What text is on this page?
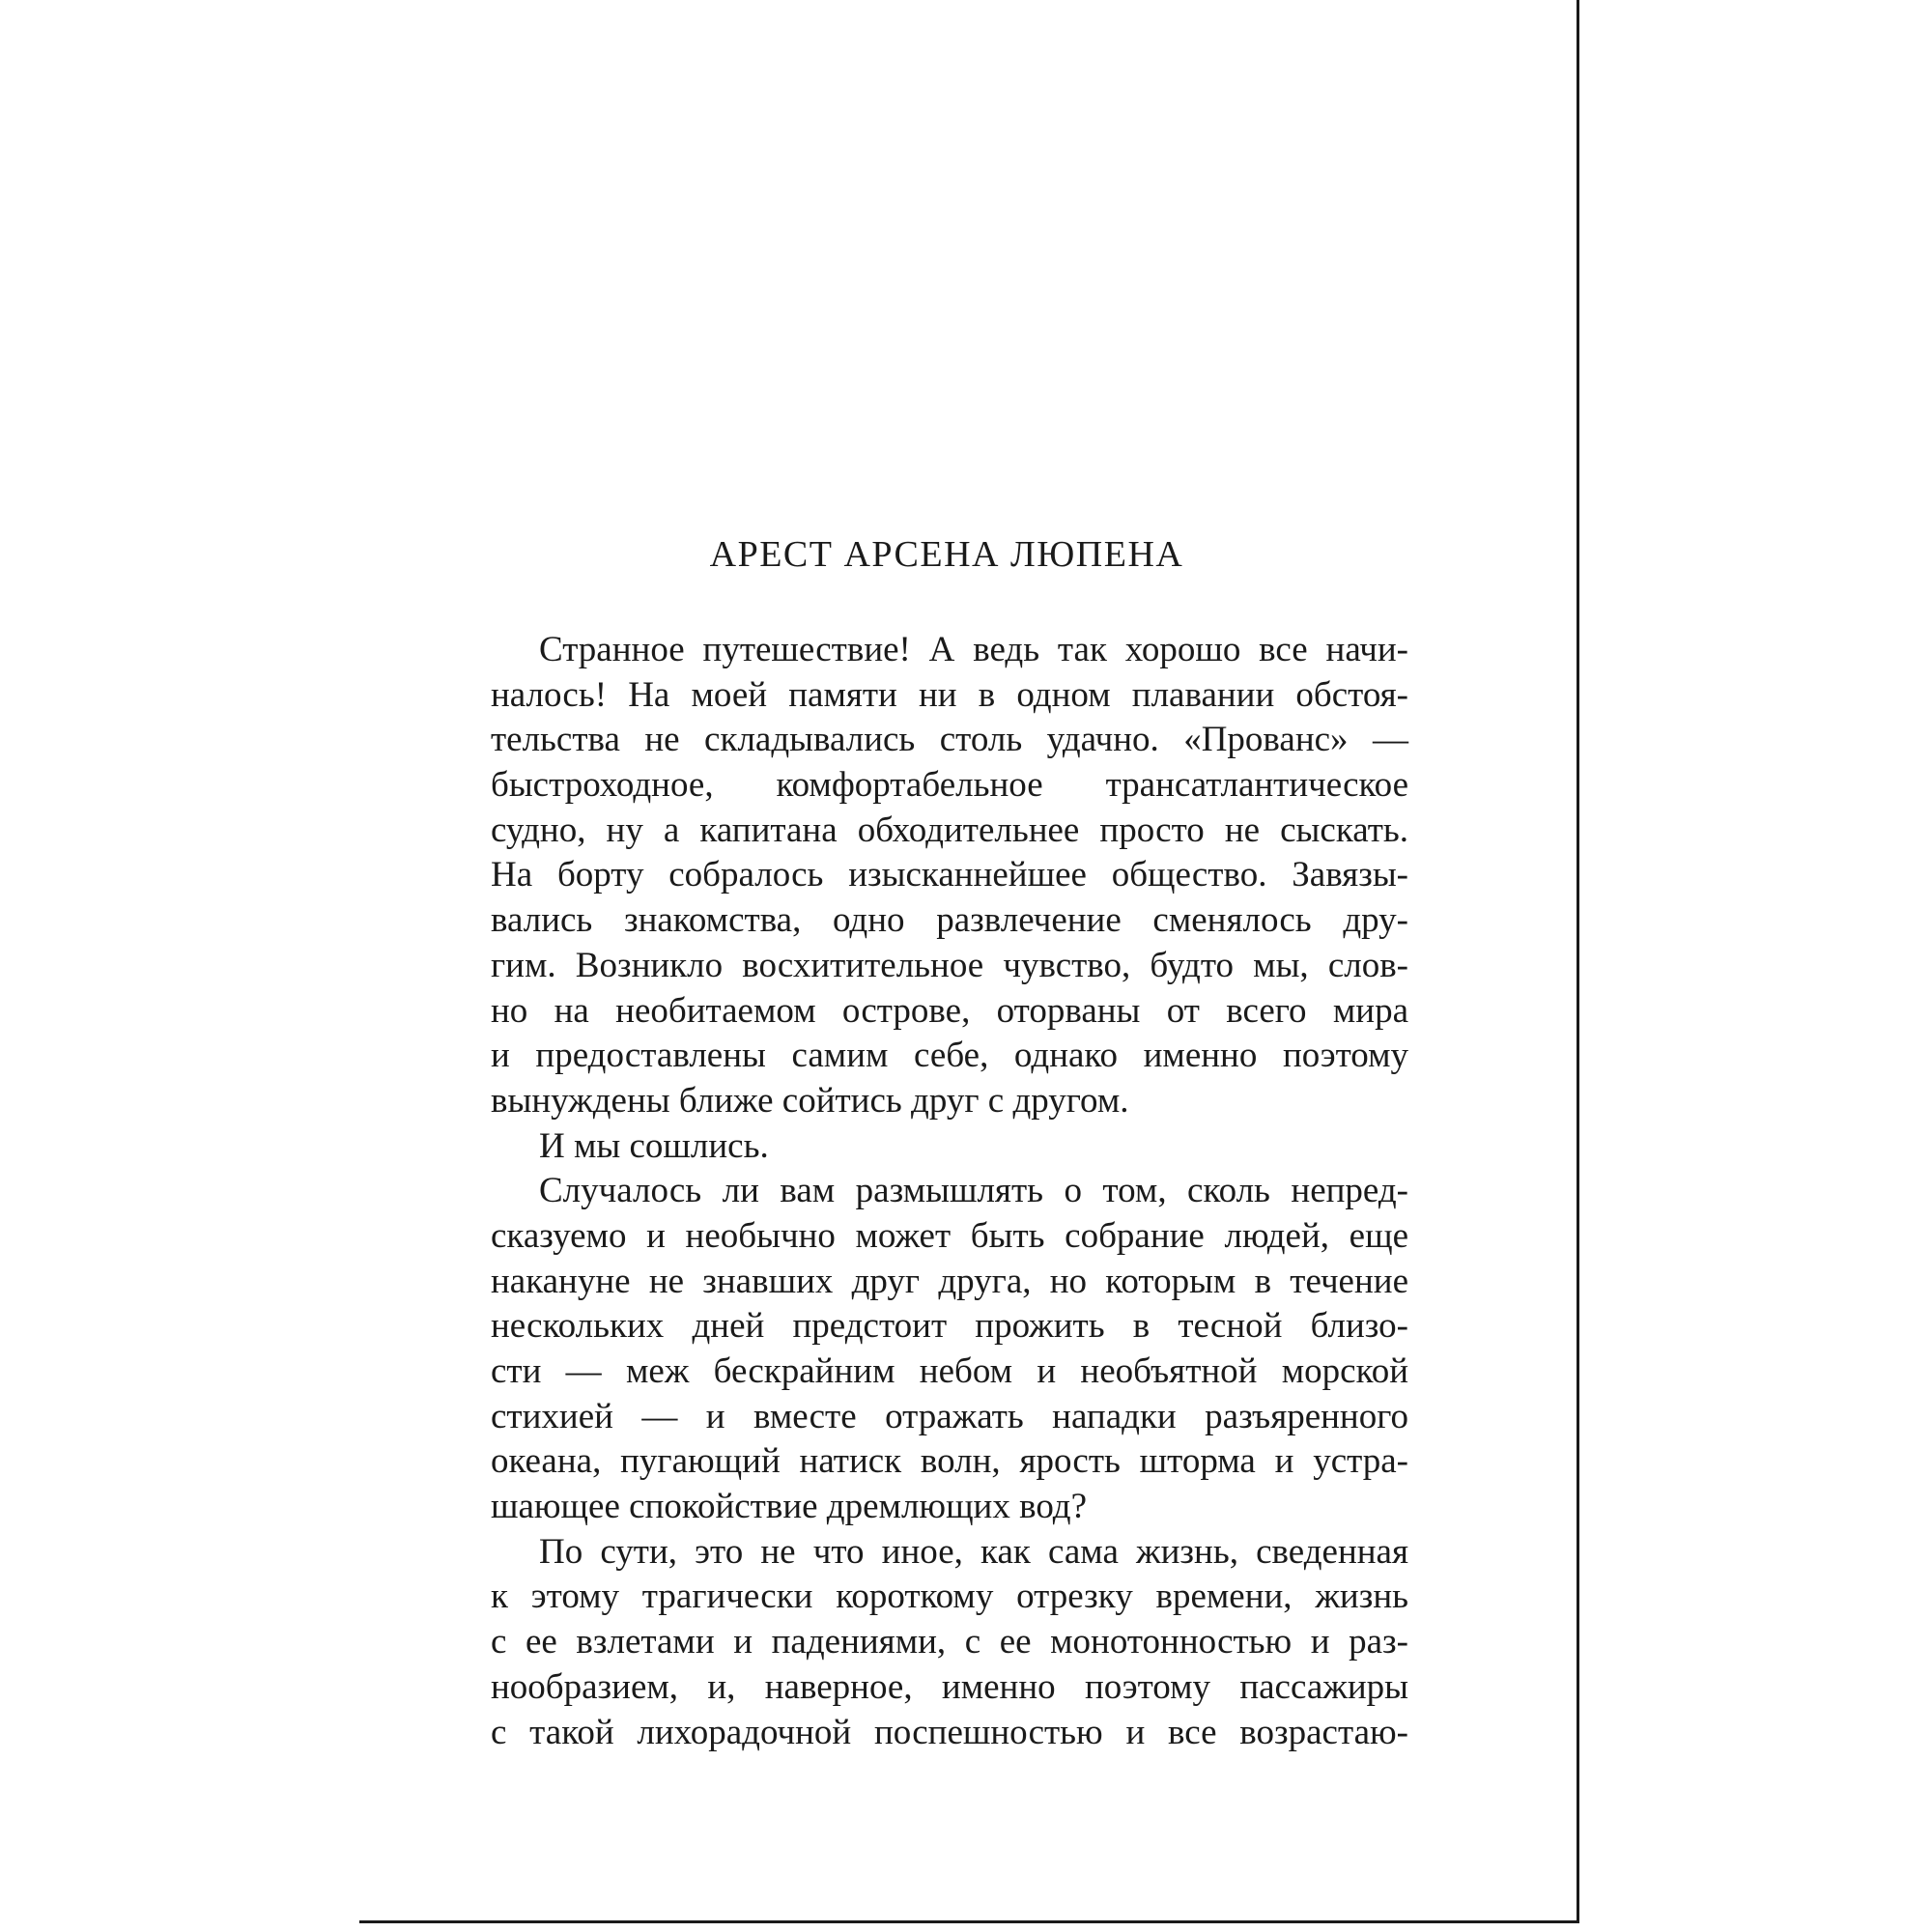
АРЕСТ АРСЕНА ЛЮПЕНА
Странное путешествие! А ведь так хорошо все начи-
налось! На моей памяти ни в одном плавании обстоя-
тельства не складывались столь удачно. «Прованс» —
быстроходное, комфортабельное трансатлантическое
судно, ну а капитана обходительнее просто не сыскать.
На борту собралось изысканнейшее общество. Завязы-
вались знакомства, одно развлечение сменялось дру-
гим. Возникло восхитительное чувство, будто мы, слов-
но на необитаемом острове, оторваны от всего мира
и предоставлены самим себе, однако именно поэтому
вынуждены ближе сойтись друг с другом.
И мы сошлись.
Случалось ли вам размышлять о том, сколь непред-
сказуемо и необычно может быть собрание людей, еще
накануне не знавших друг друга, но которым в течение
нескольких дней предстоит прожить в тесной близо-
сти — меж бескрайним небом и необъятной морской
стихией — и вместе отражать нападки разъяренного
океана, пугающий натиск волн, ярость шторма и устра-
шающее спокойствие дремлющих вод?
По сути, это не что иное, как сама жизнь, сведенная
к этому трагически короткому отрезку времени, жизнь
с ее взлетами и падениями, с ее монотонностью и раз-
нообразием, и, наверное, именно поэтому пассажиры
с такой лихорадочной поспешностью и все возрастаю-
